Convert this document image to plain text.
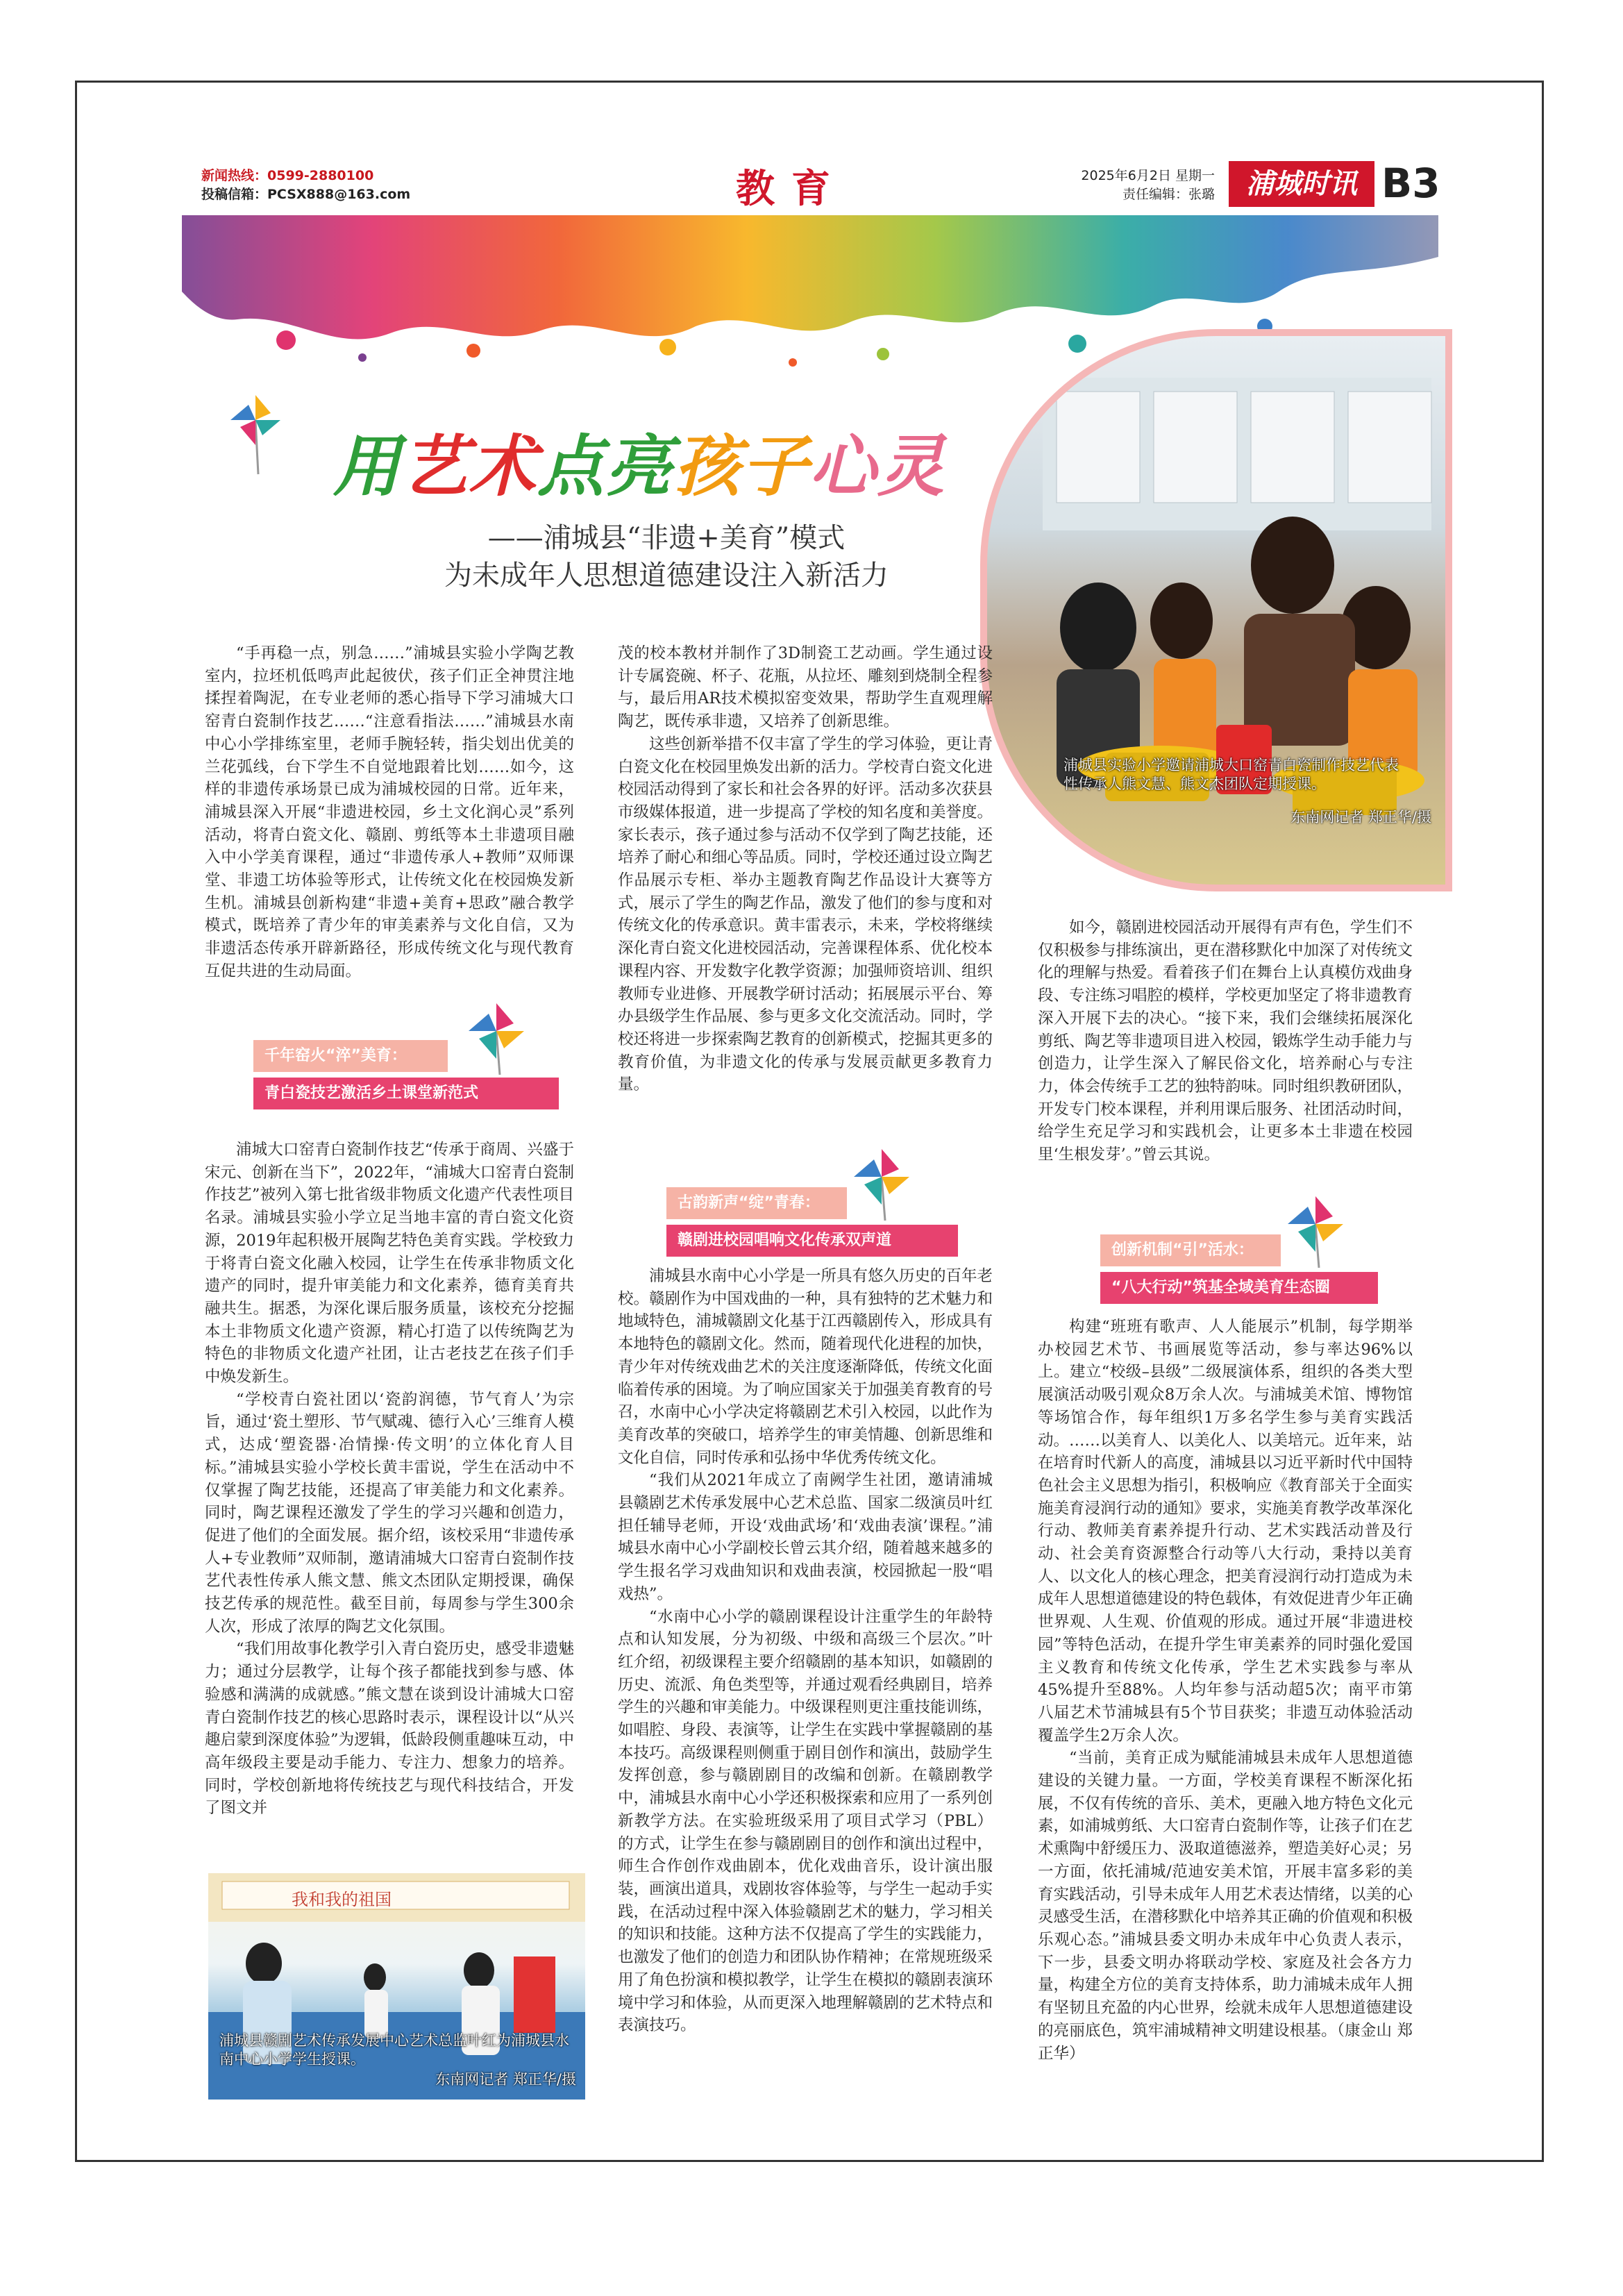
新闻热线：0599-2880100
投稿信箱：PCSX888@163.com	教育	2025年6月2日 星期一
责任编辑：张璐	浦城时讯 B3
用艺术点亮孩子心灵
——浦城县“非遗+美育”模式
为未成年人思想道德建设注入新活力
浦城县实验小学邀请浦城大口窑青白瓷制作技艺代表性传承人熊文慧、熊文杰团队定期授课。
东南网记者 郑正华/摄

“手再稳一点，别急……”浦城县实验小学陶艺教室内，拉坯机低鸣声此起彼伏，孩子们正全神贯注地揉捏着陶泥，在专业老师的悉心指导下学习浦城大口窑青白瓷制作技艺……“注意看指法……”浦城县水南中心小学排练室里，老师手腕轻转，指尖划出优美的兰花弧线，台下学生不自觉地跟着比划……如今，这样的非遗传承场景已成为浦城校园的日常。近年来，浦城县深入开展“非遗进校园，乡土文化润心灵”系列活动，将青白瓷文化、赣剧、剪纸等本土非遗项目融入中小学美育课程，通过“非遗传承人+教师”双师课堂、非遗工坊体验等形式，让传统文化在校园焕发新生机。浦城县创新构建“非遗+美育+思政”融合教学模式，既培养了青少年的审美素养与文化自信，又为非遗活态传承开辟新路径，形成传统文化与现代教育互促共进的生动局面。

千年窑火“淬”美育：
青白瓷技艺激活乡土课堂新范式

浦城大口窑青白瓷制作技艺“传承于商周、兴盛于宋元、创新在当下”，2022年，“浦城大口窑青白瓷制作技艺”被列入第七批省级非物质文化遗产代表性项目名录。浦城县实验小学立足当地丰富的青白瓷文化资源，2019年起积极开展陶艺特色美育实践。学校致力于将青白瓷文化融入校园，让学生在传承非物质文化遗产的同时，提升审美能力和文化素养，德育美育共融共生。据悉，为深化课后服务质量，该校充分挖掘本土非物质文化遗产资源，精心打造了以传统陶艺为特色的非物质文化遗产社团，让古老技艺在孩子们手中焕发新生。

“学校青白瓷社团以‘瓷韵润德，节气育人’为宗旨，通过‘瓷土塑形、节气赋魂、德行入心’三维育人模式，达成‘塑瓷器·冶情操·传文明’的立体化育人目标。”浦城县实验小学校长黄丰雷说，学生在活动中不仅掌握了陶艺技能，还提高了审美能力和文化素养。同时，陶艺课程还激发了学生的学习兴趣和创造力，促进了他们的全面发展。据介绍，该校采用“非遗传承人+专业教师”双师制，邀请浦城大口窑青白瓷制作技艺代表性传承人熊文慧、熊文杰团队定期授课，确保技艺传承的规范性。截至目前，每周参与学生300余人次，形成了浓厚的陶艺文化氛围。

“我们用故事化教学引入青白瓷历史，感受非遗魅力；通过分层教学，让每个孩子都能找到参与感、体验感和满满的成就感。”熊文慧在谈到设计浦城大口窑青白瓷制作技艺的核心思路时表示，课程设计以“从兴趣启蒙到深度体验”为逻辑，低龄段侧重趣味互动，中高年级段主要是动手能力、专注力、想象力的培养。同时，学校创新地将传统技艺与现代科技结合，开发了图文并

我和我的祖国
浦城县赣剧艺术传承发展中心艺术总监叶红为浦城县水南中心小学学生授课。
东南网记者 郑正华/摄

茂的校本教材并制作了3D制瓷工艺动画。学生通过设计专属瓷碗、杯子、花瓶，从拉坯、雕刻到烧制全程参与，最后用AR技术模拟窑变效果，帮助学生直观理解陶艺，既传承非遗，又培养了创新思维。

这些创新举措不仅丰富了学生的学习体验，更让青白瓷文化在校园里焕发出新的活力。学校青白瓷文化进校园活动得到了家长和社会各界的好评。活动多次获县市级媒体报道，进一步提高了学校的知名度和美誉度。家长表示，孩子通过参与活动不仅学到了陶艺技能，还培养了耐心和细心等品质。同时，学校还通过设立陶艺作品展示专柜、举办主题教育陶艺作品设计大赛等方式，展示了学生的陶艺作品，激发了他们的参与度和对传统文化的传承意识。黄丰雷表示，未来，学校将继续深化青白瓷文化进校园活动，完善课程体系、优化校本课程内容、开发数字化教学资源；加强师资培训、组织教师专业进修、开展教学研讨活动；拓展展示平台、筹办县级学生作品展、参与更多文化交流活动。同时，学校还将进一步探索陶艺教育的创新模式，挖掘其更多的教育价值，为非遗文化的传承与发展贡献更多教育力量。

古韵新声“绽”青春：
赣剧进校园唱响文化传承双声道

浦城县水南中心小学是一所具有悠久历史的百年老校。赣剧作为中国戏曲的一种，具有独特的艺术魅力和地域特色，浦城赣剧文化基于江西赣剧传入，形成具有本地特色的赣剧文化。然而，随着现代化进程的加快，青少年对传统戏曲艺术的关注度逐渐降低，传统文化面临着传承的困境。为了响应国家关于加强美育教育的号召，水南中心小学决定将赣剧艺术引入校园，以此作为美育改革的突破口，培养学生的审美情趣、创新思维和文化自信，同时传承和弘扬中华优秀传统文化。

“我们从2021年成立了南阙学生社团，邀请浦城县赣剧艺术传承发展中心艺术总监、国家二级演员叶红担任辅导老师，开设‘戏曲武场’和‘戏曲表演’课程。”浦城县水南中心小学副校长曾云其介绍，随着越来越多的学生报名学习戏曲知识和戏曲表演，校园掀起一股“唱戏热”。

“水南中心小学的赣剧课程设计注重学生的年龄特点和认知发展，分为初级、中级和高级三个层次。”叶红介绍，初级课程主要介绍赣剧的基本知识，如赣剧的历史、流派、角色类型等，并通过观看经典剧目，培养学生的兴趣和审美能力。中级课程则更注重技能训练，如唱腔、身段、表演等，让学生在实践中掌握赣剧的基本技巧。高级课程则侧重于剧目创作和演出，鼓励学生发挥创意，参与赣剧剧目的改编和创新。在赣剧教学中，浦城县水南中心小学还积极探索和应用了一系列创新教学方法。在实验班级采用了项目式学习（PBL）的方式，让学生在参与赣剧剧目的创作和演出过程中，师生合作创作戏曲剧本，优化戏曲音乐，设计演出服装，画演出道具，戏剧妆容体验等，与学生一起动手实践，在活动过程中深入体验赣剧艺术的魅力，学习相关的知识和技能。这种方法不仅提高了学生的实践能力，也激发了他们的创造力和团队协作精神；在常规班级采用了角色扮演和模拟教学，让学生在模拟的赣剧表演环境中学习和体验，从而更深入地理解赣剧的艺术特点和表演技巧。

如今，赣剧进校园活动开展得有声有色，学生们不仅积极参与排练演出，更在潜移默化中加深了对传统文化的理解与热爱。看着孩子们在舞台上认真模仿戏曲身段、专注练习唱腔的模样，学校更加坚定了将非遗教育深入开展下去的决心。“接下来，我们会继续拓展深化剪纸、陶艺等非遗项目进入校园，锻炼学生动手能力与创造力，让学生深入了解民俗文化，培养耐心与专注力，体会传统手工艺的独特韵味。同时组织教研团队，开发专门校本课程，并利用课后服务、社团活动时间，给学生充足学习和实践机会，让更多本土非遗在校园里‘生根发芽’。”曾云其说。

创新机制“引”活水：
“八大行动”筑基全域美育生态圈

构建“班班有歌声、人人能展示”机制，每学期举办校园艺术节、书画展览等活动，参与率达96%以上。建立“校级–县级”二级展演体系，组织的各类大型展演活动吸引观众8万余人次。与浦城美术馆、博物馆等场馆合作，每年组织1万多名学生参与美育实践活动。……以美育人、以美化人、以美培元。近年来，站在培育时代新人的高度，浦城县以习近平新时代中国特色社会主义思想为指引，积极响应《教育部关于全面实施美育浸润行动的通知》要求，实施美育教学改革深化行动、教师美育素养提升行动、艺术实践活动普及行动、社会美育资源整合行动等八大行动，秉持以美育人、以文化人的核心理念，把美育浸润行动打造成为未成年人思想道德建设的特色载体，有效促进青少年正确世界观、人生观、价值观的形成。通过开展“非遗进校园”等特色活动，在提升学生审美素养的同时强化爱国主义教育和传统文化传承，学生艺术实践参与率从45%提升至88%。人均年参与活动超5次；南平市第八届艺术节浦城县有5个节目获奖；非遗互动体验活动覆盖学生2万余人次。

“当前，美育正成为赋能浦城县未成年人思想道德建设的关键力量。一方面，学校美育课程不断深化拓展，不仅有传统的音乐、美术，更融入地方特色文化元素，如浦城剪纸、大口窑青白瓷制作等，让孩子们在艺术熏陶中舒缓压力、汲取道德滋养，塑造美好心灵；另一方面，依托浦城/范迪安美术馆，开展丰富多彩的美育实践活动，引导未成年人用艺术表达情绪，以美的心灵感受生活，在潜移默化中培养其正确的价值观和积极乐观心态。”浦城县委文明办未成年中心负责人表示，下一步，县委文明办将联动学校、家庭及社会各方力量，构建全方位的美育支持体系，助力浦城未成年人拥有坚韧且充盈的内心世界，绘就未成年人思想道德建设的亮丽底色，筑牢浦城精神文明建设根基。（康金山 郑正华）
